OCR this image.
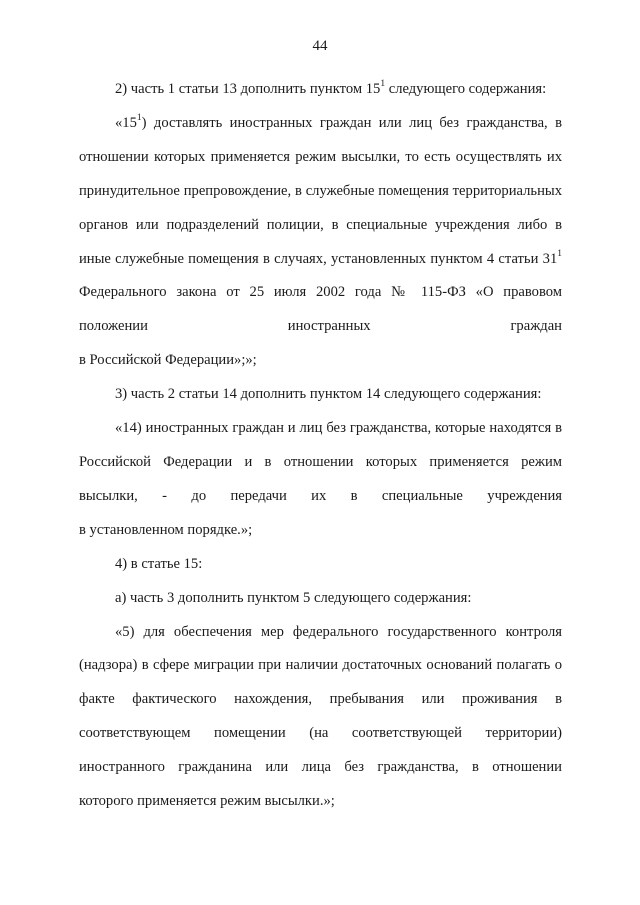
44

2) часть 1 статьи 13 дополнить пунктом $15^1$ следующего содержания:

«$15^1$) доставлять иностранных граждан или лиц без гражданства, в отношении которых применяется режим высылки, то есть осуществлять их принудительное препровождение, в служебные помещения территориальных органов или подразделений полиции, в специальные учреждения либо в иные служебные помещения в случаях, установленных пунктом 4 статьи $31^1$ Федерального закона от 25 июля 2002 года № 115-ФЗ «О правовом положении иностранных граждан

в Российской Федерации»;»;

3) часть 2 статьи 14 дополнить пунктом 14 следующего содержания:

«14) иностранных граждан и лиц без гражданства, которые находятся в Российской Федерации и в отношении которых применяется режим высылки, - до передачи их в специальные учреждения

в установленном порядке.»;

4) в статье 15:

а) часть 3 дополнить пунктом 5 следующего содержания:

«5) для обеспечения мер федерального государственного контроля (надзора) в сфере миграции при наличии достаточных оснований полагать о факте фактического нахождения, пребывания или проживания в соответствующем помещении (на соответствующей территории) иностранного гражданина или лица без гражданства, в отношении

которого применяется режим высылки.»;
